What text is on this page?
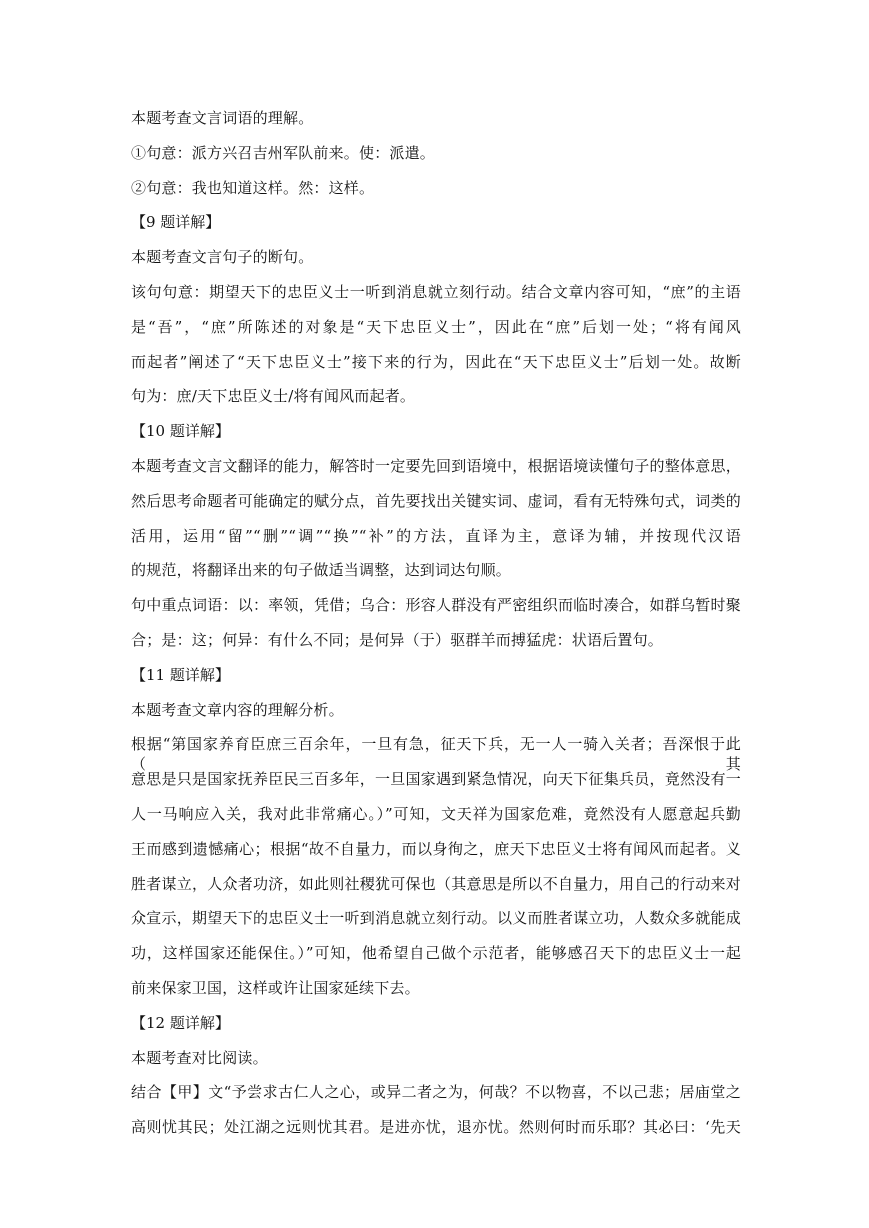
本题考查文言词语的理解。
①句意：派方兴召吉州军队前来。使：派遣。
②句意：我也知道这样。然：这样。
【9 题详解】
本题考查文言句子的断句。
该句句意：期望天下的忠臣义士一听到消息就立刻行动。结合文章内容可知，“庶”的主语
是“吾”，“庶”所陈述的对象是“天下忠臣义士”，因此在“庶”后划一处；“将有闻风
而起者”阐述了“天下忠臣义士”接下来的行为，因此在“天下忠臣义士”后划一处。故断
句为：庶/天下忠臣义士/将有闻风而起者。
【10 题详解】
本题考查文言文翻译的能力，解答时一定要先回到语境中，根据语境读懂句子的整体意思，
然后思考命题者可能确定的赋分点，首先要找出关键实词、虚词，看有无特殊句式，词类的
活用，运用“留”“删”“调”“换”“补”的方法，直译为主，意译为辅，并按现代汉语
的规范，将翻译出来的句子做适当调整，达到词达句顺。
句中重点词语：以：率领，凭借；乌合：形容人群没有严密组织而临时凑合，如群乌暂时聚
合；是：这；何异：有什么不同；是何异（于）驱群羊而搏猛虎：状语后置句。
【11 题详解】
本题考查文章内容的理解分析。
根据“第国家养育臣庶三百余年，一旦有急，征天下兵，无一人一骑入关者；吾深恨于此（其
意思是只是国家抚养臣民三百多年，一旦国家遇到紧急情况，向天下征集兵员，竟然没有一
人一马响应入关，我对此非常痛心。）”可知，文天祥为国家危难，竟然没有人愿意起兵勤
王而感到遗憾痛心；根据“故不自量力，而以身徇之，庶天下忠臣义士将有闻风而起者。义
胜者谋立，人众者功济，如此则社稷犹可保也（其意思是所以不自量力，用自己的行动来对
众宣示，期望天下的忠臣义士一听到消息就立刻行动。以义而胜者谋立功，人数众多就能成
功，这样国家还能保住。）”可知，他希望自己做个示范者，能够感召天下的忠臣义士一起
前来保家卫国，这样或许让国家延续下去。
【12 题详解】
本题考查对比阅读。
结合【甲】文“予尝求古仁人之心，或异二者之为，何哉？不以物喜，不以己悲；居庙堂之
高则忧其民；处江湖之远则忧其君。是进亦忧，退亦忧。然则何时而乐耶？其必曰：‘先天
